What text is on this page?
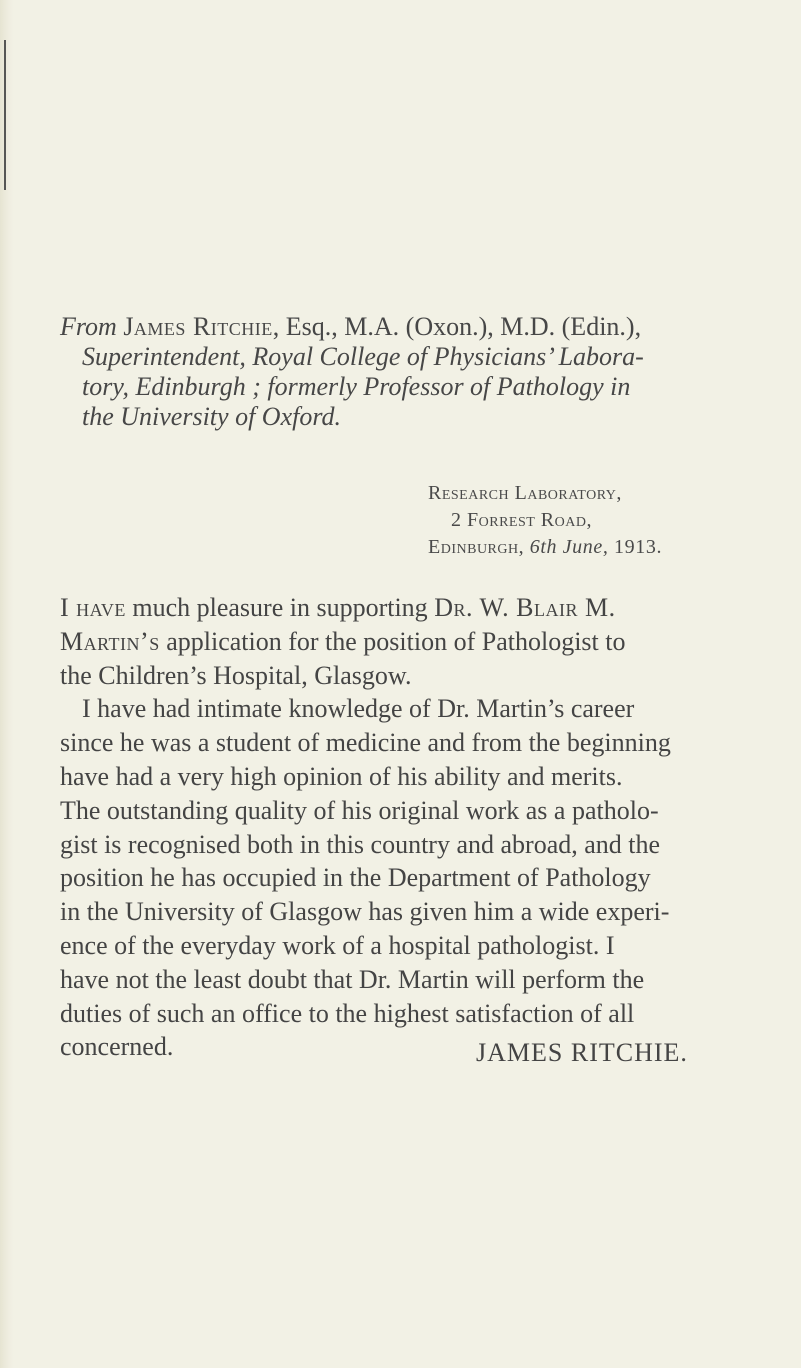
From James Ritchie, Esq., M.A. (Oxon.), M.D. (Edin.),
Superintendent, Royal College of Physicians’ Labora-
tory, Edinburgh ; formerly Professor of Pathology in
the University of Oxford.
Research Laboratory,
2 Forrest Road,
Edinburgh, 6th June, 1913.
I have much pleasure in supporting Dr. W. Blair M.
Martin’s application for the position of Pathologist to
the Children’s Hospital, Glasgow.
I have had intimate knowledge of Dr. Martin’s career
since he was a student of medicine and from the beginning
have had a very high opinion of his ability and merits.
The outstanding quality of his original work as a patholo-
gist is recognised both in this country and abroad, and the
position he has occupied in the Department of Pathology
in the University of Glasgow has given him a wide experi-
ence of the everyday work of a hospital pathologist. I
have not the least doubt that Dr. Martin will perform the
duties of such an office to the highest satisfaction of all
concerned.	JAMES RITCHIE.
